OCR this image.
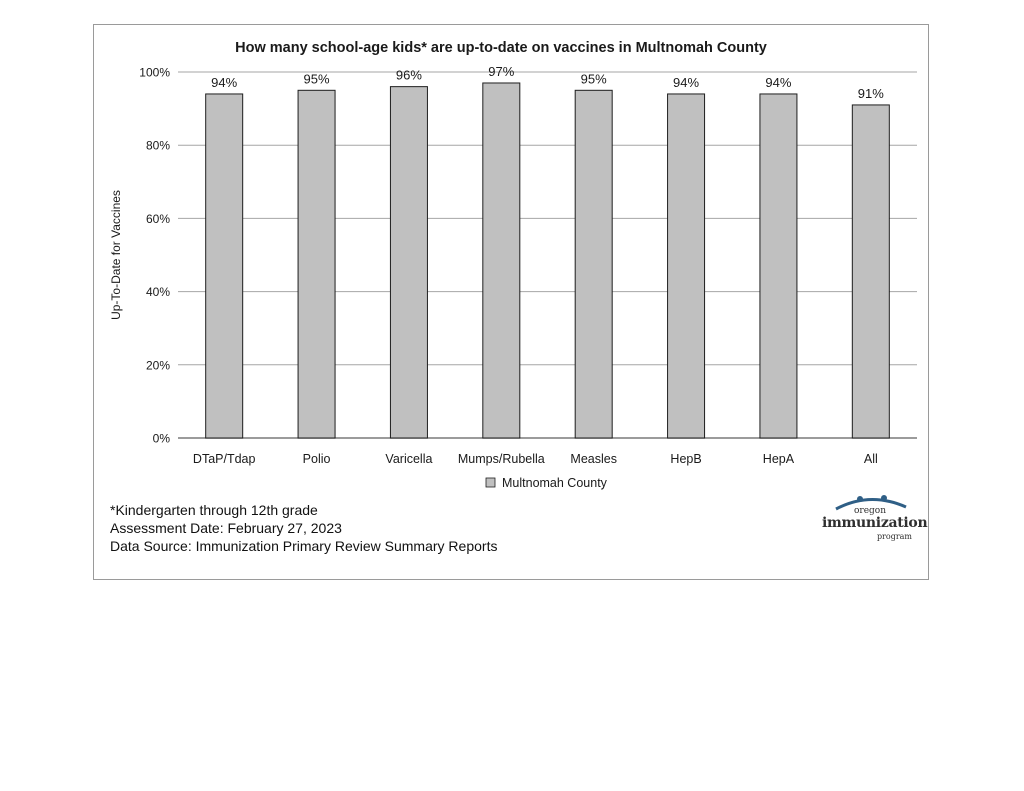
How many school-age kids* are up-to-date on vaccines in Multnomah County
0%
20%
40%
60%
80%
100%
94%	95%	96%	97%	95%	94%	94%
91%
DTaP/Tdap	Polio	Varicella Mumps/Rubella Measles	HepB	HepA	All
Up-To-Date for Vaccines
Multnomah County
*Kindergarten through 12th grade
Assessment Date: February 27, 2023
Data Source: Immunization Primary Review Summary Reports
oregon
immunization
program
